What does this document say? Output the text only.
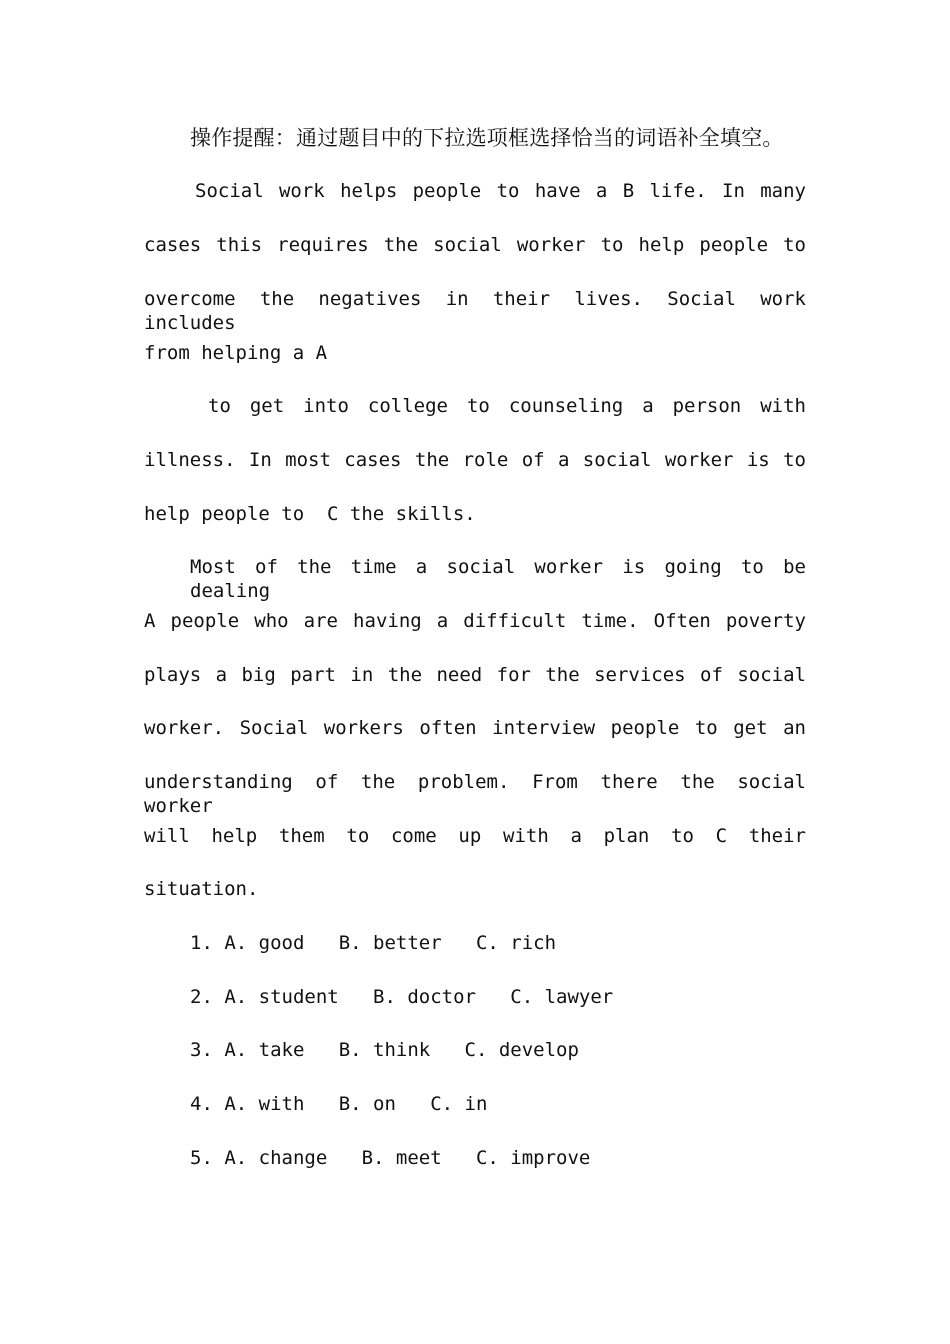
操作提醒：通过题目中的下拉选项框选择恰当的词语补全填空。
Social work helps people to have a B life. In many
cases this requires the social worker to help people to
overcome the negatives in their lives. Social work includes
from helping a A
to get into college to counseling a person with
illness. In most cases the role of a social worker is to
help people to  C the skills.
Most of the time a social worker is going to be dealing
A people who are having a difficult time. Often poverty
plays a big part in the need for the services of social
worker. Social workers often interview people to get an
understanding of the problem. From there the social worker
will help them to come up with a plan to C their
situation.
1. A. good   B. better   C. rich
2. A. student   B. doctor   C. lawyer
3. A. take   B. think   C. develop
4. A. with   B. on   C. in
5. A. change   B. meet   C. improve
